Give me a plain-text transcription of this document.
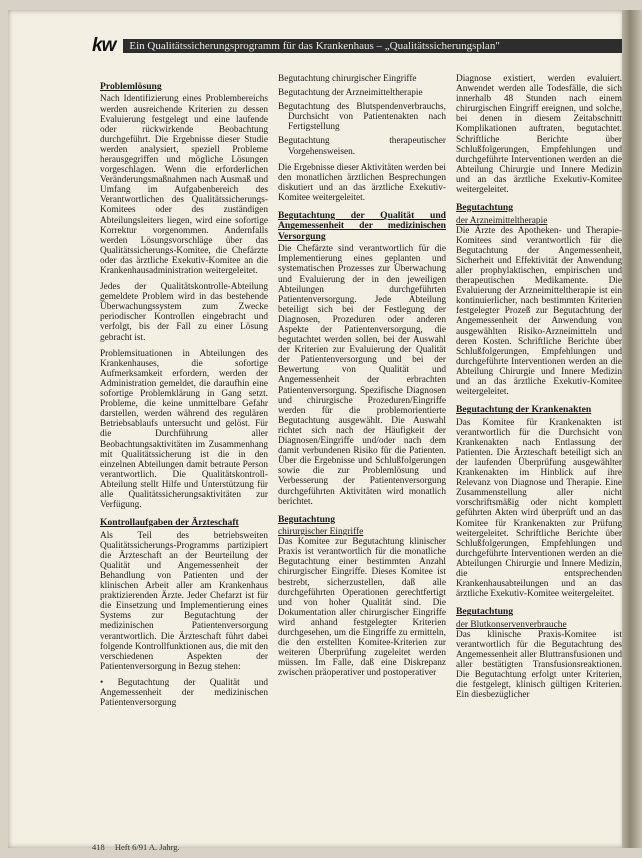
kw	Ein Qualitätssicherungsprogramm für das Krankenhaus – „Qualitätssicherungsplan"
Problemlösung

Nach Identifizierung eines Problembereichs werden ausreichende Kriterien zu dessen Evaluierung festgelegt und eine laufende oder rückwirkende Beobachtung durchgeführt. Die Ergebnisse dieser Studie werden analysiert, speziell Probleme herausgegriffen und mögliche Lösungen vorgeschlagen. Wenn die erforderlichen Veränderungsmaßnahmen nach Ausmaß und Umfang im Aufgabenbereich des Verantwortlichen des Qualitätssicherungs-Komitees oder des zuständigen Abteilungsleiters liegen, wird eine sofortige Korrektur vorgenommen. Andernfalls werden Lösungsvorschläge über das Qualitätssicherungs-Komitee, die Chefärzte oder das ärztliche Exekutiv-Komitee an die Krankenhausadministration weitergeleitet.

Jedes der Qualitätskontrolle-Abteilung gemeldete Problem wird in das bestehende Überwachungssystem zum Zwecke periodischer Kontrollen eingebracht und verfolgt, bis der Fall zu einer Lösung gebracht ist.

Problemsituationen in Abteilungen des Krankenhauses, die sofortige Aufmerksamkeit erfordern, werden der Administration gemeldet, die daraufhin eine sofortige Problemklärung in Gang setzt. Probleme, die keine unmittelbare Gefahr darstellen, werden während des regulären Betriebsablaufs untersucht und gelöst. Für die Durchführung aller Beobachtungsaktivitäten im Zusammenhang mit Qualitätssicherung ist die in den einzelnen Abteilungen damit betraute Person verantwortlich. Die Qualitätskontroll-Abteilung stellt Hilfe und Unterstützung für alle Qualitätssicherungsaktivitäten zur Verfügung.

Kontrollaufgaben der Ärzteschaft

Als Teil des betriebsweiten Qualitätssicherungs-Programms partizipiert die Ärzteschaft an der Beurteilung der Qualität und Angemessenheit der Behandlung von Patienten und der klinischen Arbeit aller am Krankenhaus praktizierenden Ärzte. Jeder Chefarzt ist für die Einsetzung und Implementierung eines Systems zur Begutachtung der medizinischen Patientenversorgung verantwortlich. Die Ärzteschaft führt dabei folgende Kontrollfunktionen aus, die mit den verschiedenen Aspekten der Patientenversorgung in Bezug stehen:

• Begutachtung der Qualität und Angemessenheit der medizinischen Patientenversorgung

Begutachtung chirurgischer Eingriffe
Begutachtung der Arzneimitteltherapie
Begutachtung des Blutspendenverbrauchs, Durchsicht von Patientenakten nach Fertigstellung
Begutachtung therapeutischer Vorgehensweisen.

Die Ergebnisse dieser Aktivitäten werden bei den monatlichen ärztlichen Besprechungen diskutiert und an das ärztliche Exekutiv-Komitee weitergeleitet.

Begutachtung der Qualität und Angemessenheit der medizinischen Versorgung

Die Chefärzte sind verantwortlich für die Implementierung eines geplanten und systematischen Prozesses zur Überwachung und Evaluierung der in den jeweiligen Abteilungen durchgeführten Patientenversorgung. Jede Abteilung beteiligt sich bei der Festlegung der Diagnosen, Prozeduren oder anderen Aspekte der Patientenversorgung, die begutachtet werden sollen, bei der Auswahl der Kriterien zur Evaluierung der Qualität der Patientenversorgung und bei der Bewertung von Qualität und Angemessenheit der erbrachten Patientenversorgung. Spezifische Diagnosen und chirurgische Prozeduren/Eingriffe werden für die problemorientierte Begutachtung ausgewählt. Die Auswahl richtet sich nach der Häufigkeit der Diagnosen/Eingriffe und/oder nach dem damit verbundenen Risiko für die Patienten. Über die Ergebnisse und Schlußfolgerungen sowie die zur Problemlösung und Verbesserung der Patientenversorgung durchgeführten Aktivitäten wird monatlich berichtet.

Begutachtung

chirurgischer Eingriffe

Das Komitee zur Begutachtung klinischer Praxis ist verantwortlich für die monatliche Begutachtung einer bestimmten Anzahl chirurgischer Eingriffe. Dieses Komitee ist bestrebt, sicherzustellen, daß alle durchgeführten Operationen gerechtfertigt und von hoher Qualität sind. Die Dokumentation aller chirurgischer Eingriffe wird anhand festgelegter Kriterien durchgesehen, um die Eingriffe zu ermitteln, die den erstellten Komitee-Kriterien zur weiteren Überprüfung zugeleitet werden müssen. Im Falle, daß eine Diskrepanz zwischen präoperativer und postoperativer

Diagnose existiert, werden evaluiert. Anwendet werden alle Todesfälle, die sich innerhalb 48 Stunden nach einem chirurgischen Eingriff ereignen, und solche, bei denen in diesem Zeitabschnitt Komplikationen auftraten, begutachtet. Schriftliche Berichte über Schlußfolgerungen, Empfehlungen und durchgeführte Interventionen werden an die Abteilung Chirurgie und Innere Medizin und an das ärztliche Exekutiv-Komitee weitergeleitet.

Begutachtung

der Arzneimitteltherapie

Die Ärzte des Apotheken- und Therapie-Komitees sind verantwortlich für die Begutachtung der Angemessenheit, Sicherheit und Effektivität der Anwendung aller prophylaktischen, empirischen und therapeutischen Medikamente. Die Evaluierung der Arzneimitteltherapie ist ein kontinuierlicher, nach bestimmten Kriterien festgelegter Prozeß zur Begutachtung der Angemessenheit der Anwendung von ausgewählten Risiko-Arzneimitteln und deren Kosten. Schriftliche Berichte über Schlußfolgerungen, Empfehlungen und durchgeführte Interventionen werden an die Abteilung Chirurgie und Innere Medizin und an das ärztliche Exekutiv-Komitee weitergeleitet.

Begutachtung der Krankenakten

Das Komitee für Krankenakten ist verantwortlich für die Durchsicht von Krankenakten nach Entlassung der Patienten. Die Ärzteschaft beteiligt sich an der laufenden Überprüfung ausgewählter Krankenakten im Hinblick auf ihre Relevanz von Diagnose und Therapie. Eine Zusammenstellung aller nicht vorschriftsmäßig oder nicht komplett geführten Akten wird überprüft und an das Komitee für Krankenakten zur Prüfung weitergeleitet. Schriftliche Berichte über Schlußfolgerungen, Empfehlungen und durchgeführte Interventionen werden an die Abteilungen Chirurgie und Innere Medizin, die entsprechenden Krankenhausabteilungen und an das ärztliche Exekutiv-Komitee weitergeleitet.

Begutachtung

der Blutkonservenverbrauche

Das klinische Praxis-Komitee ist verantwortlich für die Begutachtung des Angemessenheit aller Bluttransfusionen und aller bestätigten Transfusionsreaktionen. Die Begutachtung erfolgt unter Kriterien, die festgelegt, klinisch gültigen Kriterien. Ein diesbezüglicher

418 Heft 6/91 A. Jahrg.
